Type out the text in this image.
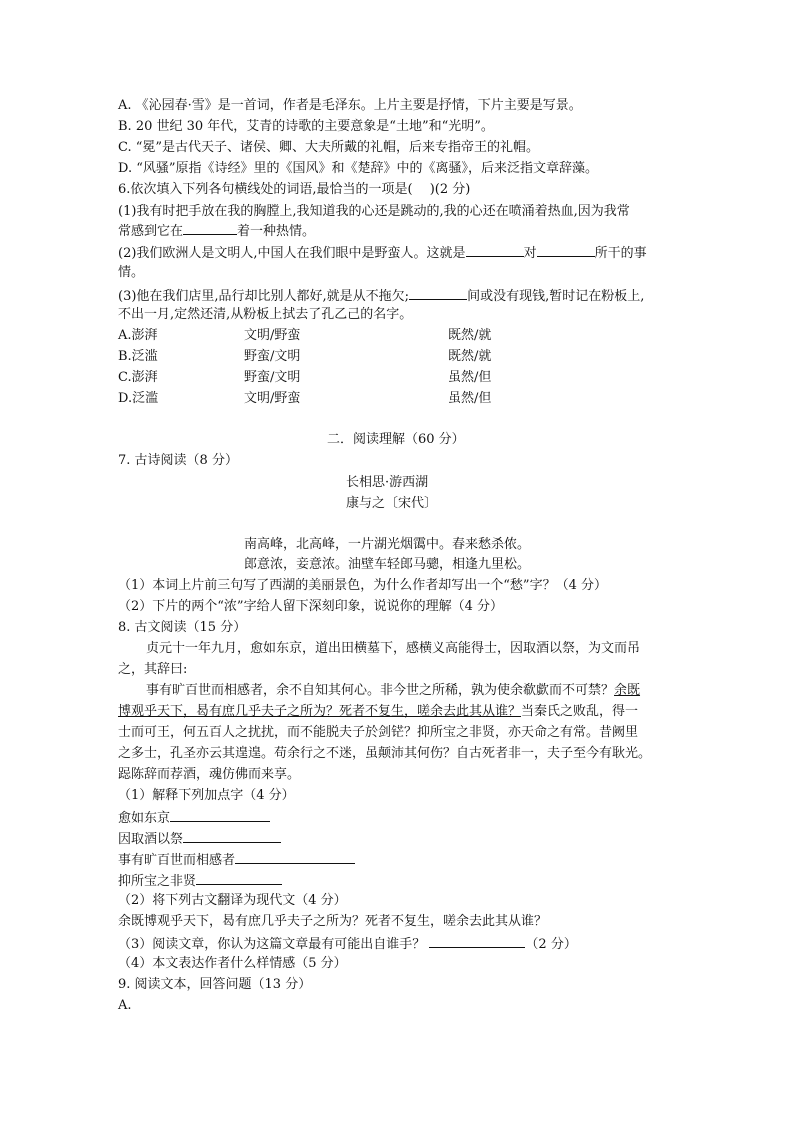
A. 《沁园春·雪》是一首词，作者是毛泽东。上片主要是抒情，下片主要是写景。
B. 20 世纪 30 年代，艾青的诗歌的主要意象是“土地”和“光明”。
C. “冕”是古代天子、诸侯、卿、大夫所戴的礼帽，后来专指帝王的礼帽。
D. “风骚”原指《诗经》里的《国风》和《楚辞》中的《离骚》，后来泛指文章辞藻。
6.依次填入下列各句横线处的词语,最恰当的一项是(　 )(2 分)
(1)我有时把手放在我的胸膛上,我知道我的心还是跳动的,我的心还在喷涌着热血,因为我常
常感到它在	着一种热情。
(2)我们欧洲人是文明人,中国人在我们眼中是野蛮人。这就是	对	所干的事
情。
(3)他在我们店里,品行却比别人都好,就是从不拖欠;	间或没有现钱,暂时记在粉板上,
不出一月,定然还清,从粉板上拭去了孔乙己的名字。
A.澎湃	文明/野蛮	既然/就
B.泛滥	野蛮/文明	既然/就
C.澎湃	野蛮/文明	虽然/但
D.泛滥	文明/野蛮	虽然/但
二．阅读理解（60 分）
7. 古诗阅读（8 分）
长相思·游西湖
康与之〔宋代〕
南高峰，北高峰，一片湖光烟霭中。春来愁杀侬。
郎意浓，妾意浓。油壁车轻郎马骢，相逢九里松。
（1）本词上片前三句写了西湖的美丽景色，为什么作者却写出一个“愁”字？（4 分）
（2）下片的两个“浓”字给人留下深刻印象，说说你的理解（4 分）
8. 古文阅读（15 分）
贞元十一年九月，愈如东京，道出田横墓下，感横义高能得士，因取酒以祭，为文而吊
之，其辞曰:
事有旷百世而相感者，余不自知其何心。非今世之所稀，孰为使余欷歔而不可禁？余既
博观乎天下，曷有庶几乎夫子之所为？死者不复生，嗟余去此其从谁？当秦氏之败乱，得一
士而可王，何五百人之扰扰，而不能脱夫子於剑铓？抑所宝之非贤，亦天命之有常。昔阙里
之多士，孔圣亦云其遑遑。苟余行之不迷，虽颠沛其何伤？自古死者非一，夫子至今有耿光。
跽陈辞而荐酒，魂仿佛而来享。
（1）解释下列加点字（4 分）
愈如东京
因取酒以祭
事有旷百世而相感者
抑所宝之非贤
（2）将下列古文翻译为现代文（4 分）
余既博观乎天下，曷有庶几乎夫子之所为？死者不复生，嗟余去此其从谁？
（3）阅读文章，你认为这篇文章最有可能出自谁手？	（2 分）
（4）本文表达作者什么样情感（5 分）
9. 阅读文本，回答问题（13 分）
A.
